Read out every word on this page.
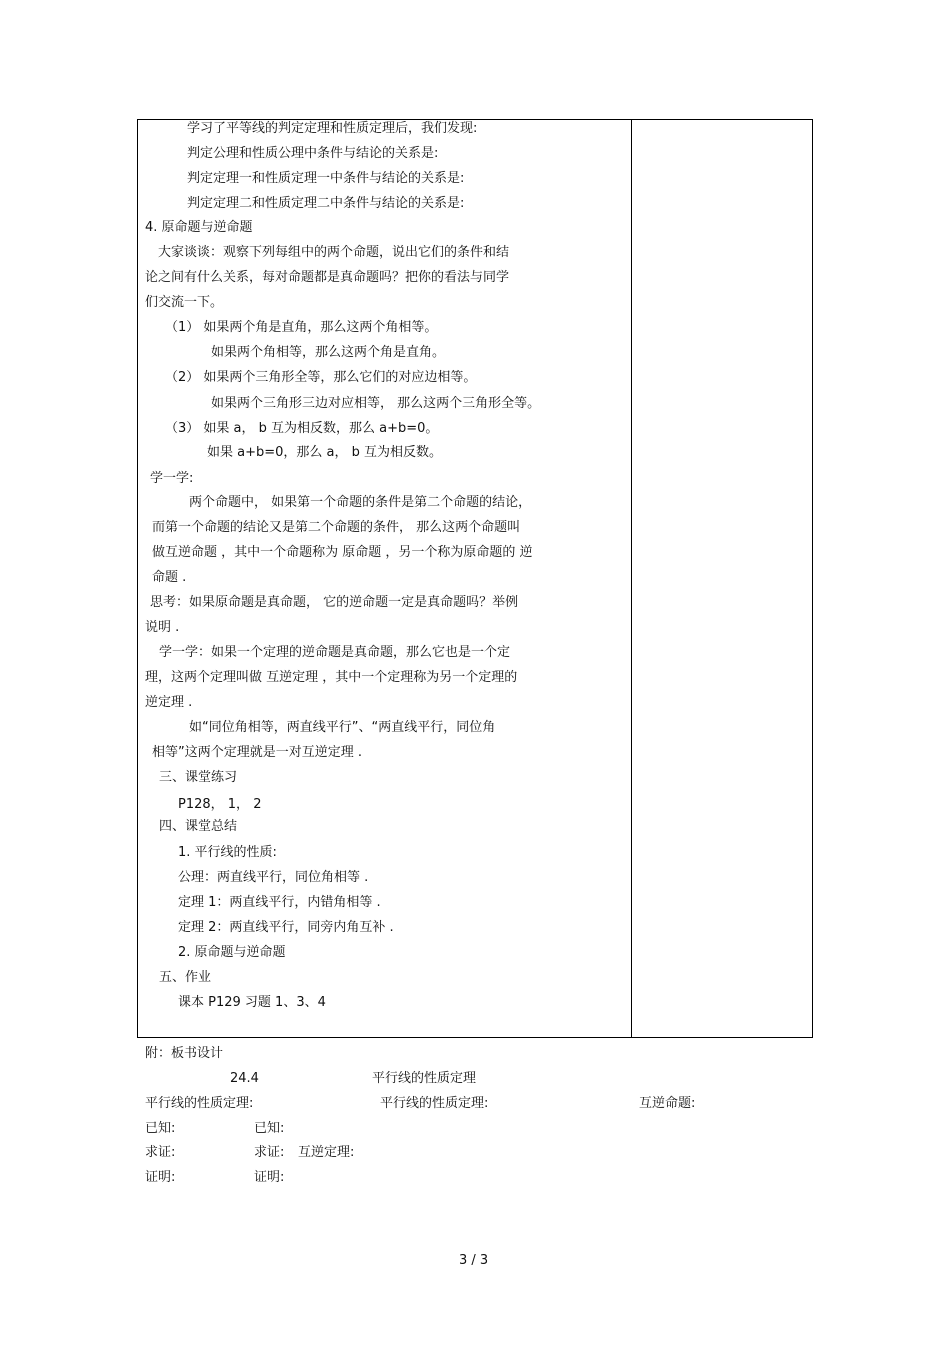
学习了平等线的判定定理和性质定理后，我们发现:
判定公理和性质公理中条件与结论的关系是:
判定定理一和性质定理一中条件与结论的关系是:
判定定理二和性质定理二中条件与结论的关系是:
4. 原命题与逆命题
大家谈谈：观察下列每组中的两个命题，说出它们的条件和结
论之间有什么关系，每对命题都是真命题吗？把你的看法与同学
们交流一下。
（1） 如果两个角是直角，那么这两个角相等。
如果两个角相等，那么这两个角是直角。
（2） 如果两个三角形全等，那么它们的对应边相等。
如果两个三角形三边对应相等， 那么这两个三角形全等。
（3） 如果 a， b 互为相反数，那么 a+b=0。
如果 a+b=0，那么 a， b 互为相反数。
学一学:
两个命题中， 如果第一个命题的条件是第二个命题的结论，
而第一个命题的结论又是第二个命题的条件， 那么这两个命题叫
做互逆命题 ，其中一个命题称为 原命题 ，另一个称为原命题的 逆
命题 .
思考：如果原命题是真命题， 它的逆命题一定是真命题吗？举例
说明 .
学一学：如果一个定理的逆命题是真命题，那么它也是一个定
理，这两个定理叫做 互逆定理 ，其中一个定理称为另一个定理的
逆定理 .
如“同位角相等，两直线平行”、“两直线平行，同位角
相等”这两个定理就是一对互逆定理 .
三、课堂练习
P128， 1， 2
四、课堂总结
1. 平行线的性质:
公理：两直线平行，同位角相等 .
定理 1：两直线平行，内错角相等 .
定理 2：两直线平行，同旁内角互补 .
2. 原命题与逆命题
五、作业
课本 P129 习题 1、3、4
附：板书设计
24.4	平行线的性质定理
平行线的性质定理:	平行线的性质定理:	互逆命题:
已知:	已知:
求证:	求证: 互逆定理:
证明:	证明:
3 / 3
